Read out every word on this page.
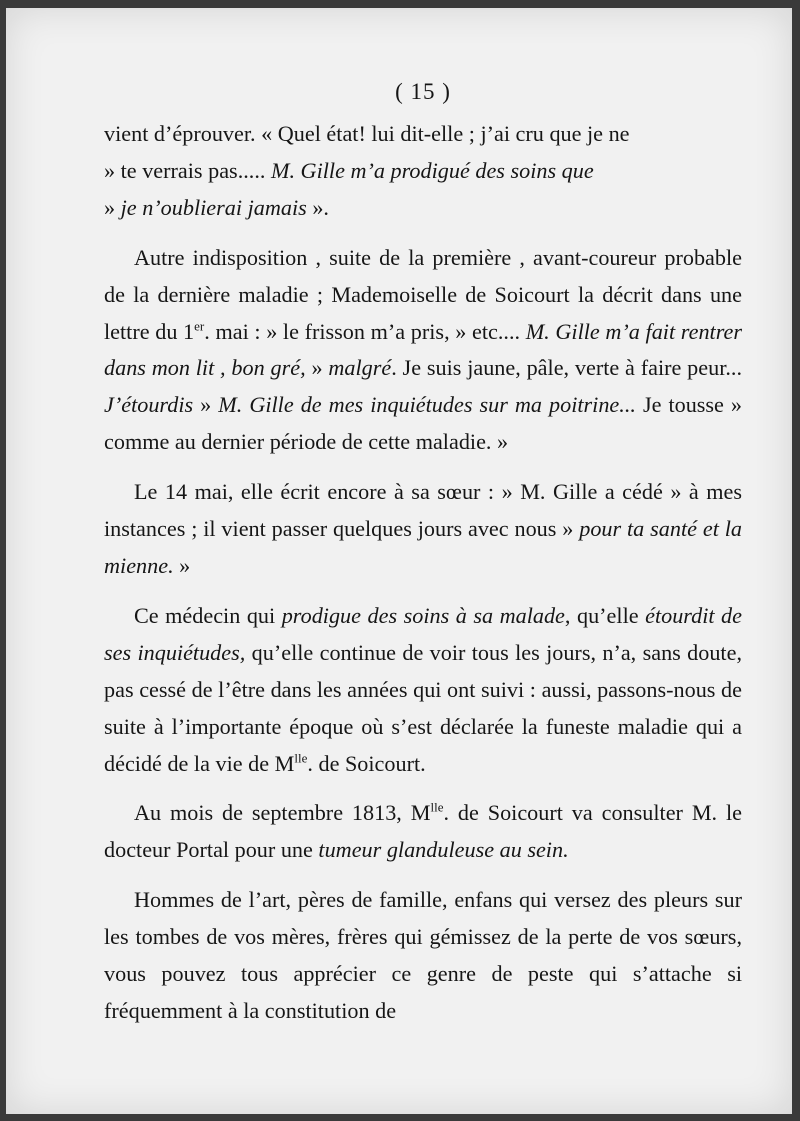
( 15 )

vient d’éprouver. « Quel état! lui dit-elle ; j’ai cru que je ne
» te verrais pas..... M. Gille m’a prodigué des soins que
» je n’oublierai jamais ».

Autre indisposition , suite de la première , avant-coureur probable de la dernière maladie ; Mademoiselle de Soicourt la décrit dans une lettre du 1er. mai : » le frisson m’a pris, » etc.... M. Gille m’a fait rentrer dans mon lit , bon gré, » malgré. Je suis jaune, pâle, verte à faire peur... J’étourdis » M. Gille de mes inquiétudes sur ma poitrine... Je tousse » comme au dernier période de cette maladie. »

Le 14 mai, elle écrit encore à sa sœur : » M. Gille a cédé » à mes instances ; il vient passer quelques jours avec nous » pour ta santé et la mienne. »

Ce médecin qui prodigue des soins à sa malade, qu’elle étourdit de ses inquiétudes, qu’elle continue de voir tous les jours, n’a, sans doute, pas cessé de l’être dans les années qui ont suivi : aussi, passons-nous de suite à l’importante époque où s’est déclarée la funeste maladie qui a décidé de la vie de $M^{lle}$. de Soicourt.

Au mois de septembre 1813, $M^{lle}$. de Soicourt va consulter M. le docteur Portal pour une tumeur glanduleuse au sein.

Hommes de l’art, pères de famille, enfans qui versez des pleurs sur les tombes de vos mères, frères qui gémissez de la perte de vos sœurs, vous pouvez tous apprécier ce genre de peste qui s’attache si fréquemment à la constitution de
